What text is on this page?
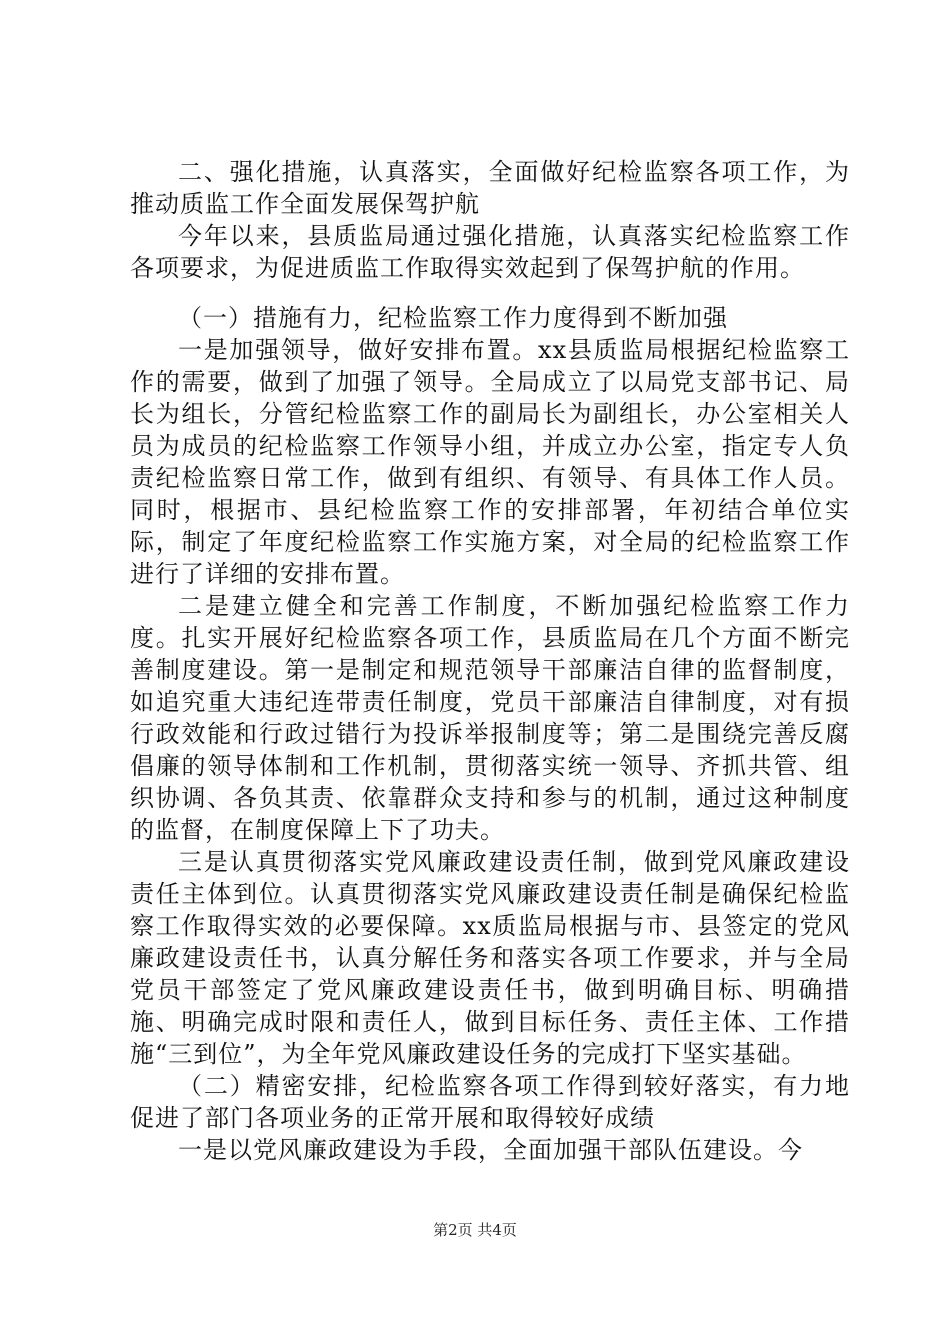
二、强化措施，认真落实，全面做好纪检监察各项工作，为推动质监工作全面发展保驾护航

今年以来，县质监局通过强化措施，认真落实纪检监察工作各项要求，为促进质监工作取得实效起到了保驾护航的作用。

（一）措施有力，纪检监察工作力度得到不断加强

一是加强领导，做好安排布置。xx县质监局根据纪检监察工作的需要，做到了加强了领导。全局成立了以局党支部书记、局长为组长，分管纪检监察工作的副局长为副组长，办公室相关人员为成员的纪检监察工作领导小组，并成立办公室，指定专人负责纪检监察日常工作，做到有组织、有领导、有具体工作人员。同时，根据市、县纪检监察工作的安排部署，年初结合单位实际，制定了年度纪检监察工作实施方案，对全局的纪检监察工作进行了详细的安排布置。

二是建立健全和完善工作制度，不断加强纪检监察工作力度。扎实开展好纪检监察各项工作，县质监局在几个方面不断完善制度建设。第一是制定和规范领导干部廉洁自律的监督制度，如追究重大违纪连带责任制度，党员干部廉洁自律制度，对有损行政效能和行政过错行为投诉举报制度等；第二是围绕完善反腐倡廉的领导体制和工作机制，贯彻落实统一领导、齐抓共管、组织协调、各负其责、依靠群众支持和参与的机制，通过这种制度的监督，在制度保障上下了功夫。

三是认真贯彻落实党风廉政建设责任制，做到党风廉政建设责任主体到位。认真贯彻落实党风廉政建设责任制是确保纪检监察工作取得实效的必要保障。xx质监局根据与市、县签定的党风廉政建设责任书，认真分解任务和落实各项工作要求，并与全局党员干部签定了党风廉政建设责任书，做到明确目标、明确措施、明确完成时限和责任人，做到目标任务、责任主体、工作措施“三到位”，为全年党风廉政建设任务的完成打下坚实基础。

（二）精密安排，纪检监察各项工作得到较好落实，有力地促进了部门各项业务的正常开展和取得较好成绩

一是以党风廉政建设为手段，全面加强干部队伍建设。今

第2页 共4页
